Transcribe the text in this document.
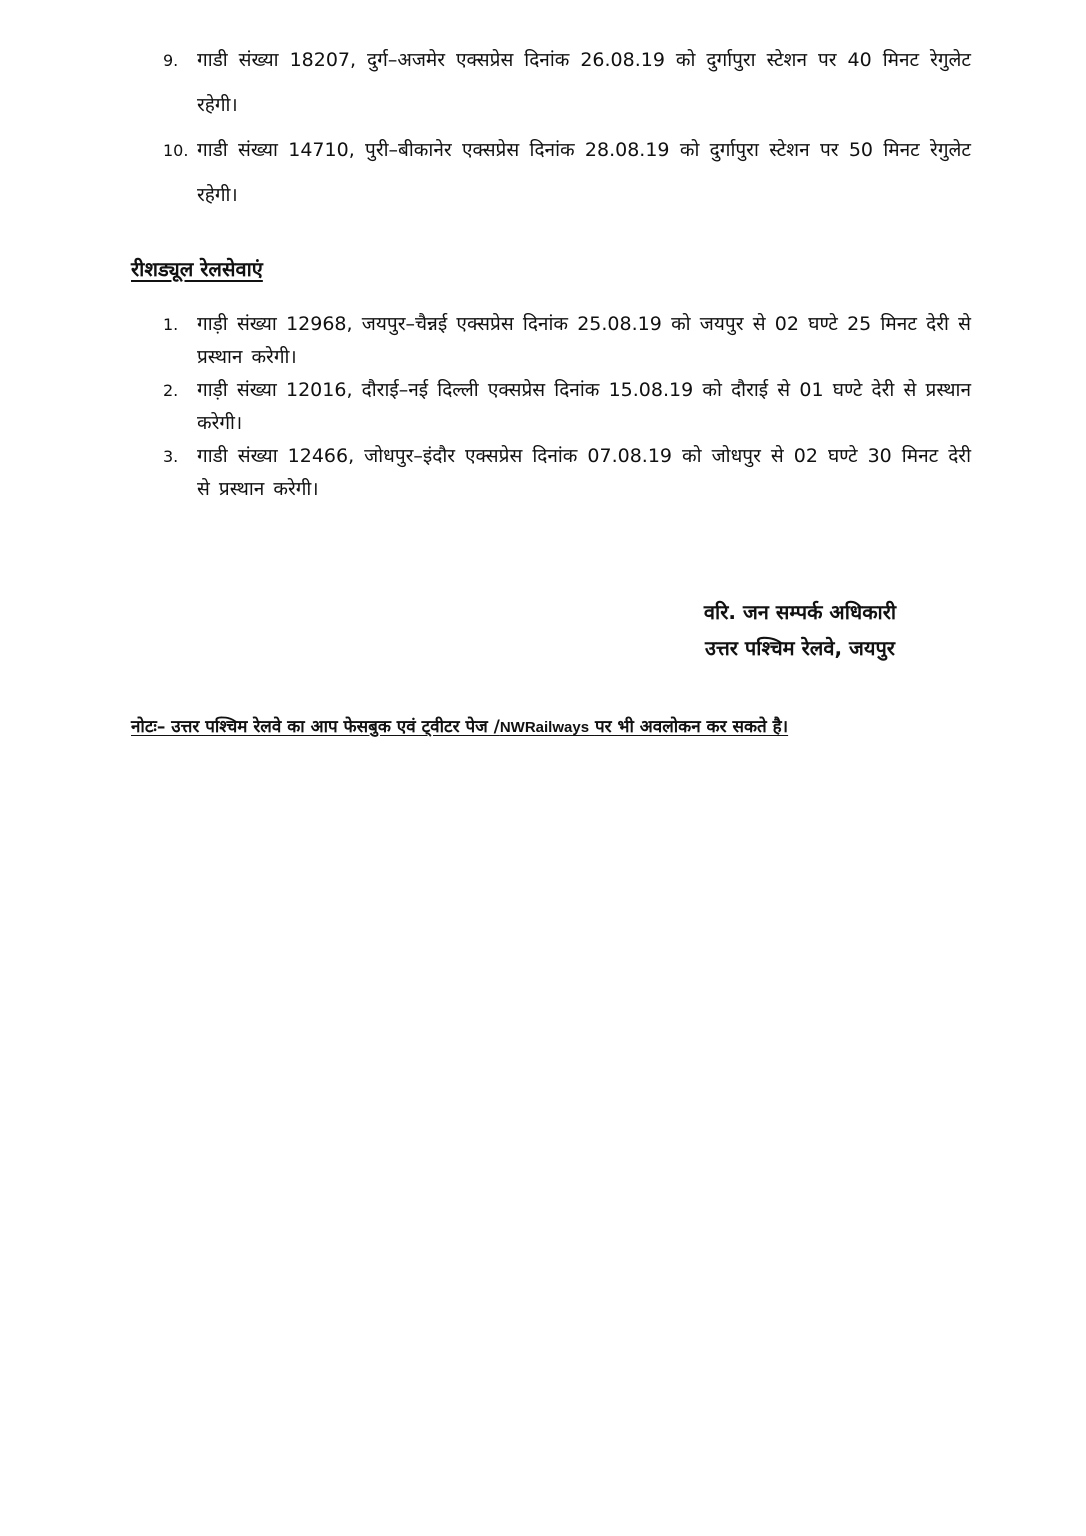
9. गाडी संख्या 18207, दुर्ग–अजमेर एक्सप्रेस दिनांक 26.08.19 को दुर्गापुरा स्टेशन पर 40 मिनट रेगुलेट रहेगी।
10. गाडी संख्या 14710, पुरी–बीकानेर एक्सप्रेस दिनांक 28.08.19 को दुर्गापुरा स्टेशन पर 50 मिनट रेगुलेट रहेगी।
रीशड्यूल रेलसेवाएं
1. गाड़ी संख्या 12968, जयपुर–चैन्नई एक्सप्रेस दिनांक 25.08.19 को जयपुर से 02 घण्टे 25 मिनट देरी से प्रस्थान करेगी।
2. गाड़ी संख्या 12016, दौराई–नई दिल्ली एक्सप्रेस दिनांक 15.08.19 को दौराई से 01 घण्टे देरी से प्रस्थान करेगी।
3. गाडी संख्या 12466, जोधपुर–इंदौर एक्सप्रेस दिनांक 07.08.19 को जोधपुर से 02 घण्टे 30 मिनट देरी से प्रस्थान करेगी।
वरि. जन सम्पर्क अधिकारी
उत्तर पश्चिम रेलवे, जयपुर
नोटः– उत्तर पश्चिम रेलवे का आप फेसबुक एवं ट्वीटर पेज /NWRailways पर भी अवलोकन कर सकते है।
